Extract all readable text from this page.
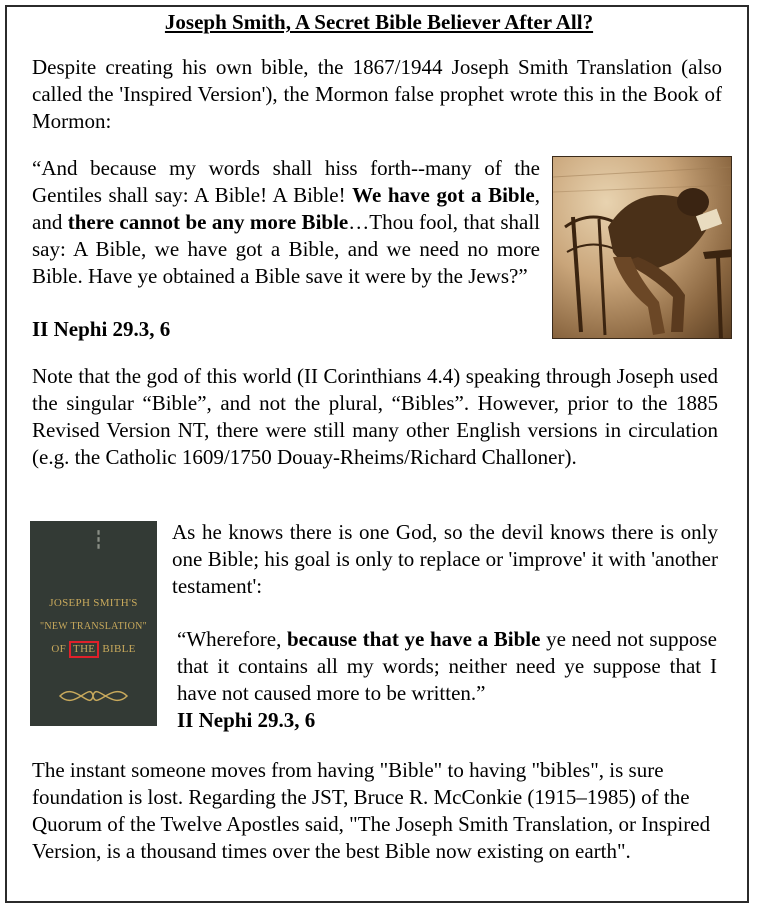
Joseph Smith, A Secret Bible Believer After All?

Despite creating his own bible, the 1867/1944 Joseph Smith Translation (also called the 'Inspired Version'), the Mormon false prophet wrote this in the Book of Mormon:

“And because my words shall hiss forth--many of the Gentiles shall say: A Bible! A Bible! We have got a Bible, and there cannot be any more Bible…Thou fool, that shall say: A Bible, we have got a Bible, and we need no more Bible. Have ye obtained a Bible save it were by the Jews?”

II Nephi 29.3, 6

Note that the god of this world (II Corinthians 4.4) speaking through Joseph used the singular “Bible”, and not the plural, “Bibles”. However, prior to the 1885 Revised Version NT, there were still many other English versions in circulation (e.g. the Catholic 1609/1750 Douay-Rheims/Richard Challoner).

▮▮▮
JOSEPH SMITH'S
"NEW TRANSLATION"
OF THE BIBLE

As he knows there is one God, so the devil knows there is only one Bible; his goal is only to replace or 'improve' it with 'another testament':

“Wherefore, because that ye have a Bible ye need not suppose that it contains all my words; neither need ye suppose that I have not caused more to be written.”

II Nephi 29.3, 6

The instant someone moves from having "Bible" to having "bibles", is sure foundation is lost. Regarding the JST, Bruce R. McConkie (1915–1985) of the Quorum of the Twelve Apostles said, "The Joseph Smith Translation, or Inspired Version, is a thousand times over the best Bible now existing on earth".
